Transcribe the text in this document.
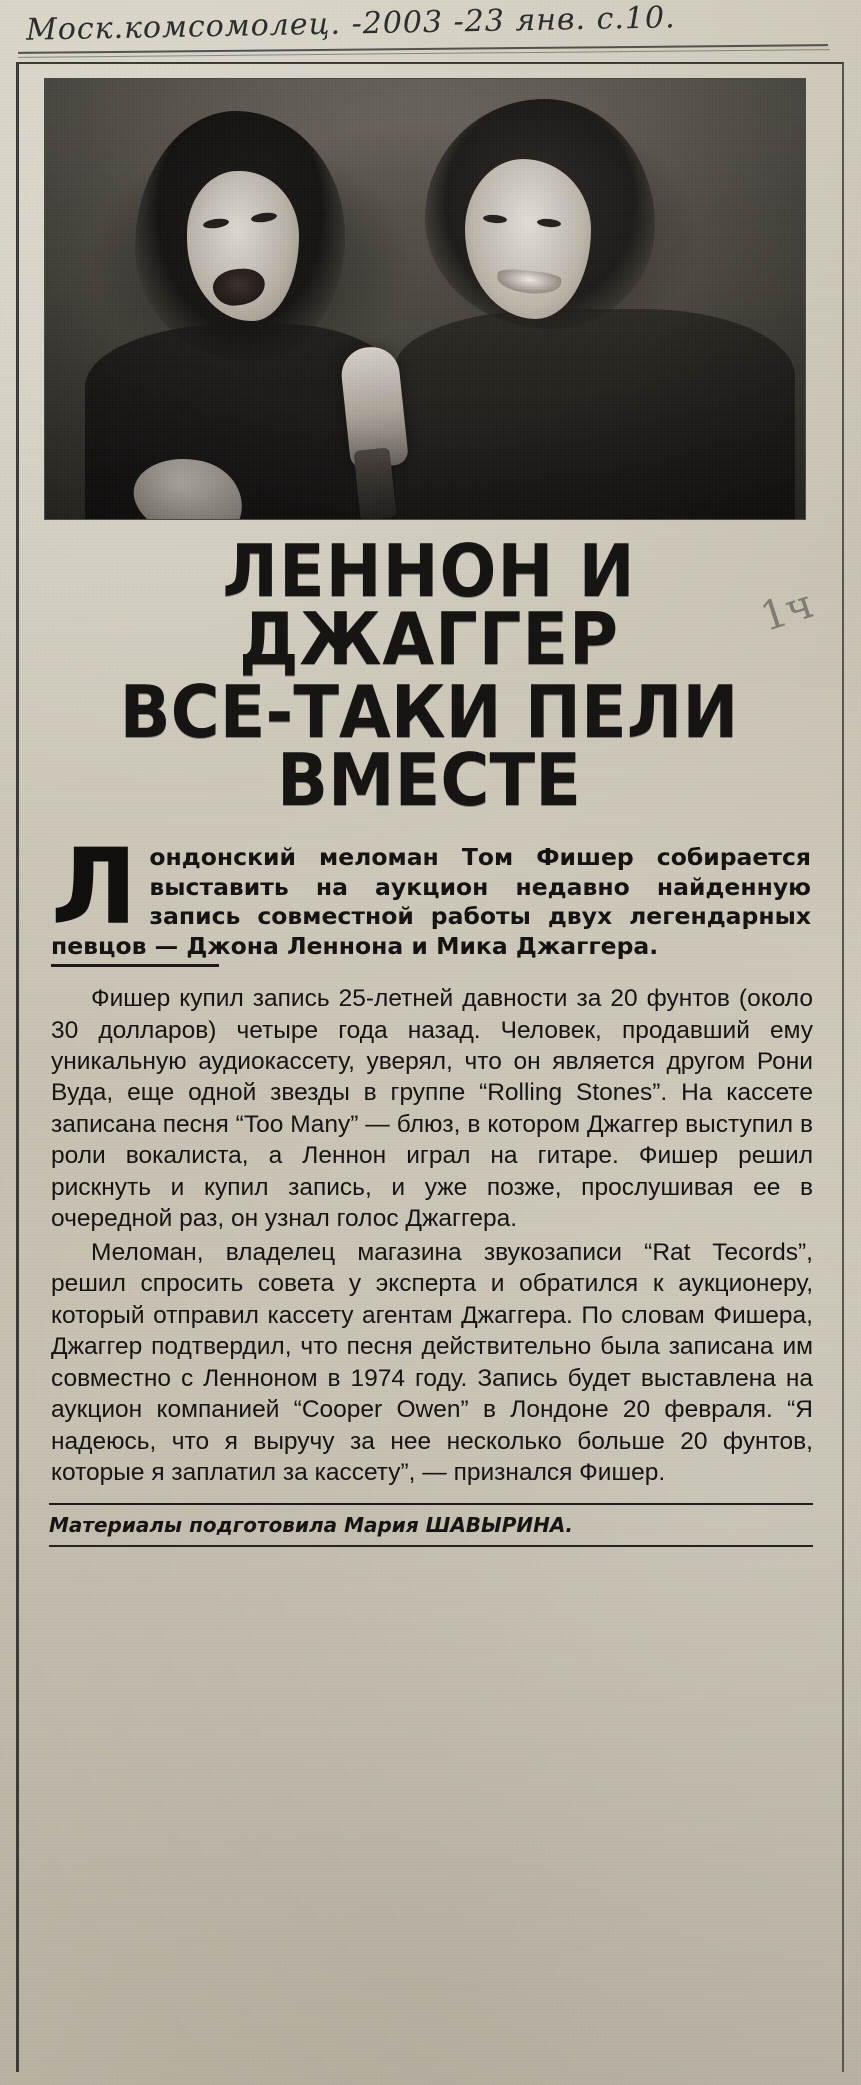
Моск.комсомолец. -2003 -23 янв. с.10.
ЛЕННОН И ДЖАГГЕР
ВСЕ-ТАКИ ПЕЛИ ВМЕСТЕ
Л ондонский меломан Том Фишер собирается выставить на аукцион недавно найденную запись совместной работы двух легендарных певцов — Джона Леннона и Мика Джаггера.

Фишер купил запись 25-летней давности за 20 фунтов (около 30 долларов) четыре года назад. Человек, продавший ему уникальную аудиокассету, уверял, что он является другом Рони Вуда, еще одной звезды в группе “Rolling Stones”. На кассете записана песня “Too Many” — блюз, в котором Джаггер выступил в роли вокалиста, а Леннон играл на гитаре. Фишер решил рискнуть и купил запись, и уже позже, прослушивая ее в очередной раз, он узнал голос Джаггера.

Меломан, владелец магазина звукозаписи “Rat Tecords”, решил спросить совета у эксперта и обратился к аукционеру, который отправил кассету агентам Джаггера. По словам Фишера, Джаггер подтвердил, что песня действительно была записана им совместно с Ленноном в 1974 году. Запись будет выставлена на аукцион компанией “Cooper Owen” в Лондоне 20 февраля. “Я надеюсь, что я выручу за нее несколько больше 20 фунтов, которые я заплатил за кассету”, — признался Фишер.

Материалы подготовила Мария ШАВЫРИНА.
1ч
